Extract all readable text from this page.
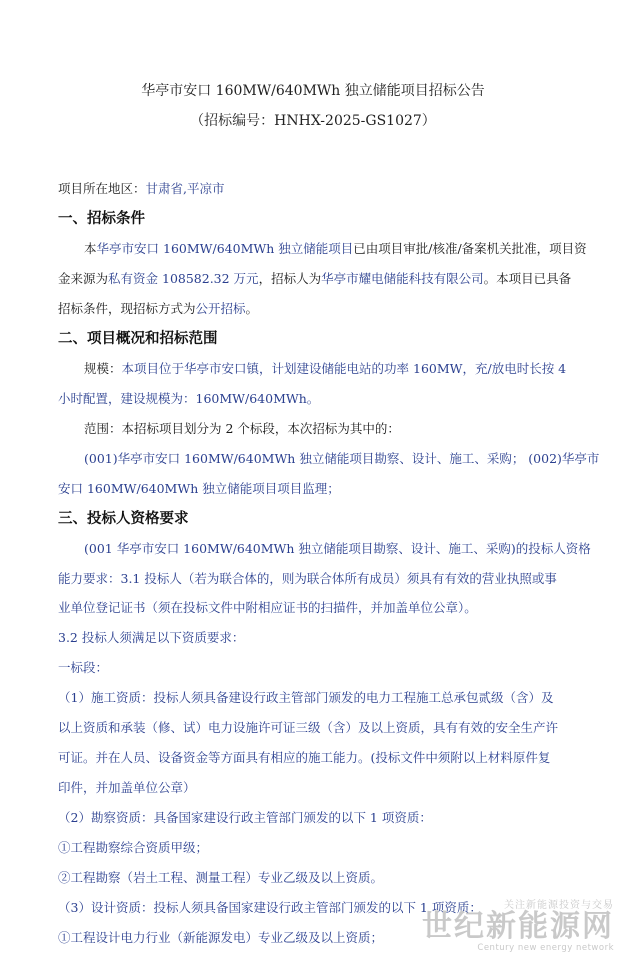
华亭市安口 160MW/640MWh 独立储能项目招标公告
（招标编号：HNHX-2025-GS1027）
项目所在地区：甘肃省,平凉市
一、招标条件
本华亭市安口 160MW/640MWh 独立储能项目已由项目审批/核准/备案机关批准，项目资
金来源为私有资金 108582.32 万元，招标人为华亭市耀电储能科技有限公司。本项目已具备
招标条件，现招标方式为公开招标。
二、项目概况和招标范围
规模：本项目位于华亭市安口镇，计划建设储能电站的功率 160MW，充/放电时长按 4
小时配置，建设规模为：160MW/640MWh。
范围：本招标项目划分为 2 个标段，本次招标为其中的：
(001)华亭市安口 160MW/640MWh 独立储能项目勘察、设计、施工、采购； (002)华亭市
安口 160MW/640MWh 独立储能项目项目监理；
三、投标人资格要求
(001 华亭市安口 160MW/640MWh 独立储能项目勘察、设计、施工、采购)的投标人资格
能力要求：3.1 投标人（若为联合体的，则为联合体所有成员）须具有有效的营业执照或事
业单位登记证书（须在投标文件中附相应证书的扫描件，并加盖单位公章）。
3.2 投标人须满足以下资质要求：
一标段：
（1）施工资质：投标人须具备建设行政主管部门颁发的电力工程施工总承包贰级（含）及
以上资质和承装（修、试）电力设施许可证三级（含）及以上资质，具有有效的安全生产许
可证。并在人员、设备资金等方面具有相应的施工能力。(投标文件中须附以上材料原件复
印件，并加盖单位公章）
（2）勘察资质：具备国家建设行政主管部门颁发的以下 1 项资质：
①工程勘察综合资质甲级；
②工程勘察（岩土工程、测量工程）专业乙级及以上资质。
（3）设计资质：投标人须具备国家建设行政主管部门颁发的以下 1 项资质：
①工程设计电力行业（新能源发电）专业乙级及以上资质；
关注新能源投资与交易
世纪新能源网
Century new energy network
